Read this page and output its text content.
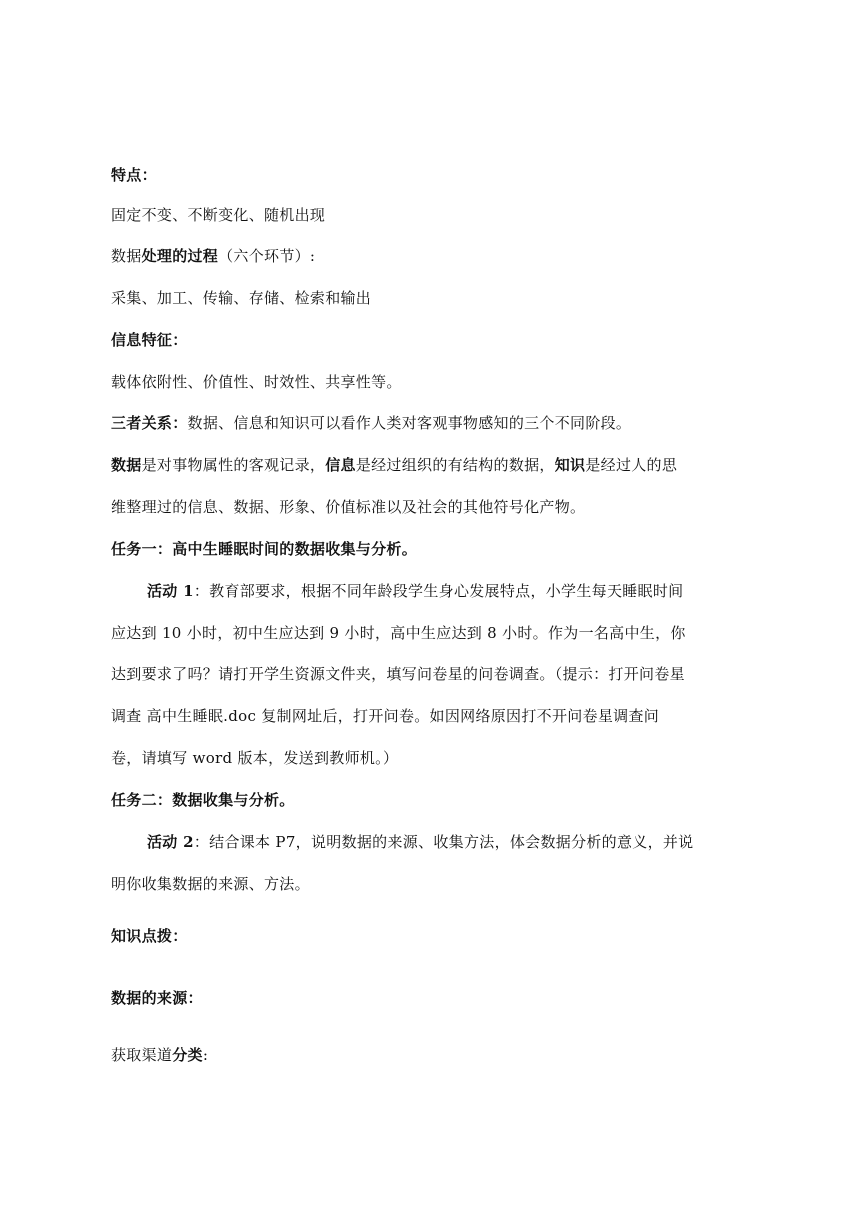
特点：
固定不变、不断变化、随机出现
数据处理的过程（六个环节）:
采集、加工、传输、存储、检索和输出
信息特征：
载体依附性、价值性、时效性、共享性等。
三者关系：数据、信息和知识可以看作人类对客观事物感知的三个不同阶段。
数据是对事物属性的客观记录，信息是经过组织的有结构的数据，知识是经过人的思
维整理过的信息、数据、形象、价值标准以及社会的其他符号化产物。
任务一：高中生睡眠时间的数据收集与分析。
活动 1：教育部要求，根据不同年龄段学生身心发展特点，小学生每天睡眠时间
应达到 10 小时，初中生应达到 9 小时，高中生应达到 8 小时。作为一名高中生，你
达到要求了吗？请打开学生资源文件夹，填写问卷星的问卷调查。（提示：打开问卷星
调查 高中生睡眠.doc 复制网址后，打开问卷。如因网络原因打不开问卷星调查问
卷，请填写 word 版本，发送到教师机。）
任务二：数据收集与分析。
活动 2：结合课本 P7，说明数据的来源、收集方法，体会数据分析的意义，并说
明你收集数据的来源、方法。
知识点拨：
数据的来源：
获取渠道分类:
